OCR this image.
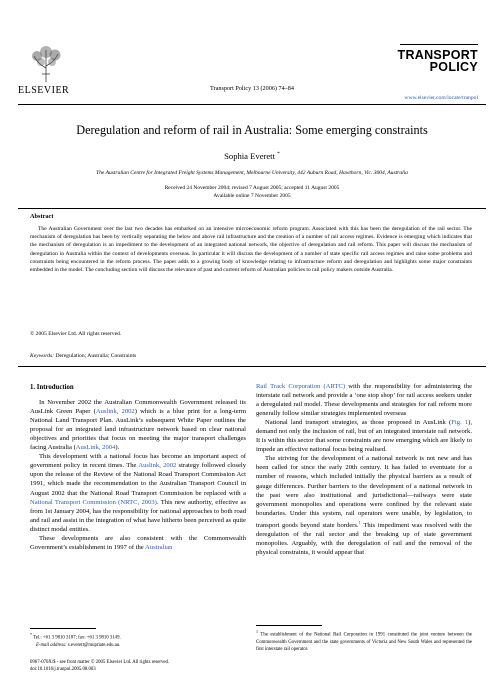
ELSEVIER	Transport Policy 13 (2006) 74–84
TRANSPORT
POLICY
www.elsevier.com/locate/tranpol
Deregulation and reform of rail in Australia: Some emerging constraints
Sophia Everett *
The Australian Centre for Integrated Freight Systems Management, Melbourne University, 442 Auburn Road, Hawthorn, Vic. 3004, Australia
Received 24 November 2004; revised 7 August 2005; accepted 11 August 2005
Available online 7 November 2005
Abstract
The Australian Government over the last two decades has embarked on an intensive microeconomic reform program. Associated with this has been the deregulation of the rail sector. The mechanism of deregulation has been by vertically separating the below and above rail infrastructure and the creation of a number of rail access regimes. Evidence is emerging which indicates that the mechanism of deregulation is an impediment to the development of an integrated national network, the objective of deregulation and rail reform. This paper will discuss the mechanism of deregulation in Australia within the context of developments overseas. In particular it will discuss the development of a number of state specific rail access regimes and raise some problems and constraints being encountered in the reform process. The paper adds to a growing body of knowledge relating to infrastructure reform and deregulation and highlights some major constraints embedded in the model. The concluding section will discuss the relevance of past and current reform of Australian policies to rail policy makers outside Australia.
© 2005 Elsevier Ltd. All rights reserved.
Keywords: Deregulation; Australia; Constraints
1. Introduction

In November 2002 the Australian Commonwealth Government released its AusLink Green Paper (Auslink, 2002) which is a blue print for a long-term National Land Transport Plan. AusLink’s subsequent White Paper outlines the proposal for an integrated land infrastructure network based on clear national objectives and priorities that focus on meeting the major transport challenges facing Australia (AusLink, 2004).

This development with a national focus has become an important aspect of government policy in recent times. The Auslink, 2002 strategy followed closely upon the release of the Review of the National Road Transport Commission Act 1991, which made the recommendation to the Australian Transport Council in August 2002 that the National Road Transport Commission be replaced with a National Transport Commission (NRTC, 2003). This new authority, effective as from 1st January 2004, has the responsibility for national approaches to both road and rail and assist in the integration of what have hitherto been perceived as quite distinct modal entities.

These developments are also consistent with the Commonwealth Government’s establishment in 1997 of the Australian

Rail Track Corporation (ARTC) with the responsibility for administering the interstate rail network and provide a ‘one stop shop’ for rail access seekers under a deregulated rail model. These developments and strategies for rail reform more generally follow similar strategies implemented overseas

National land transport strategies, as those proposed in AusLink (Fig. 1), demand not only the inclusion of rail, but of an integrated interstate rail network. It is within this sector that some constraints are now emerging which are likely to impede an effective national focus being realised.

The striving for the development of a national network is not new and has been called for since the early 20th century. It has failed to eventuate for a number of reasons, which included initially the physical barriers as a result of gauge differences. Further barriers to the development of a national network in the past were also institutional and jurisdictional—railways were state government monopolies and operations were confined by the relevant state boundaries. Under this system, rail operators were unable, by legislation, to transport goods beyond state borders.$^1$ This impediment was resolved with the deregulation of the rail sector and the breaking up of state government monopolies. Arguably, with the deregulation of rail and the removal of the physical constraints, it would appear that

* Tel.: +61 3 9810 3187; fax: +61 3 9810 3149.
E-mail address: s.everett@mupriate.edu.au.
0967-070X/$ - see front matter © 2005 Elsevier Ltd. All rights reserved.
doi:10.1016/j.tranpol.2005.08.003
$^1$ The establishment of the National Rail Corporation in 1991 constituted the joint venture between the Commonwealth Government and the state governments of Victoria and New South Wales and represented the first interstate rail operator.
